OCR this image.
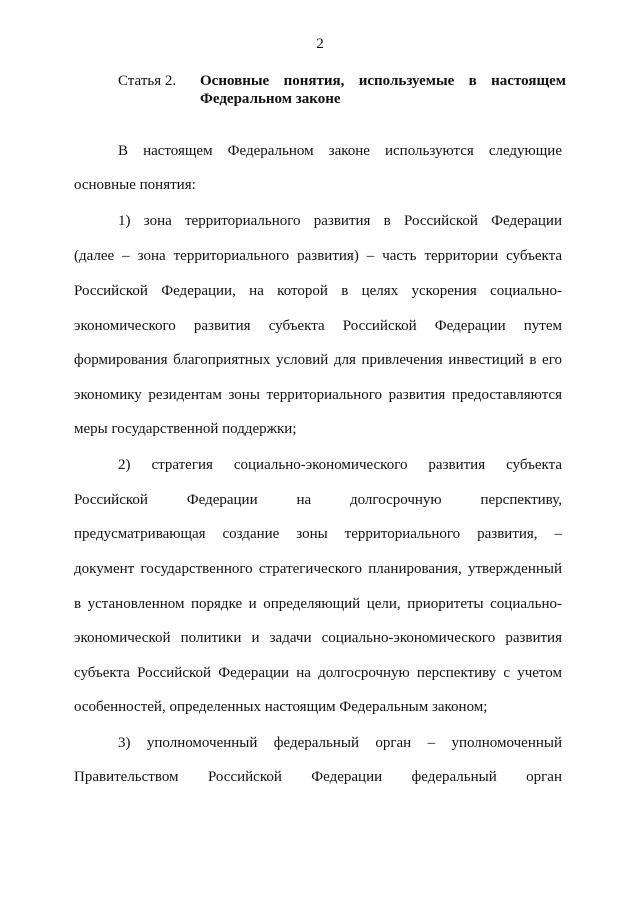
2
Статья 2. Основные понятия, используемые в настоящем Федеральном законе
В настоящем Федеральном законе используются следующие
основные понятия:
1) зона территориального развития в Российской Федерации
(далее – зона территориального развития) – часть территории субъекта
Российской Федерации, на которой в целях ускорения социально-
экономического развития субъекта Российской Федерации путем
формирования благоприятных условий для привлечения инвестиций в его
экономику резидентам зоны территориального развития предоставляются
меры государственной поддержки;
2) стратегия социально-экономического развития субъекта
Российской Федерации на долгосрочную перспективу,
предусматривающая создание зоны территориального развития, –
документ государственного стратегического планирования, утвержденный
в установленном порядке и определяющий цели, приоритеты социально-
экономической политики и задачи социально-экономического развития
субъекта Российской Федерации на долгосрочную перспективу с учетом
особенностей, определенных настоящим Федеральным законом;
3) уполномоченный федеральный орган – уполномоченный
Правительством Российской Федерации федеральный орган
